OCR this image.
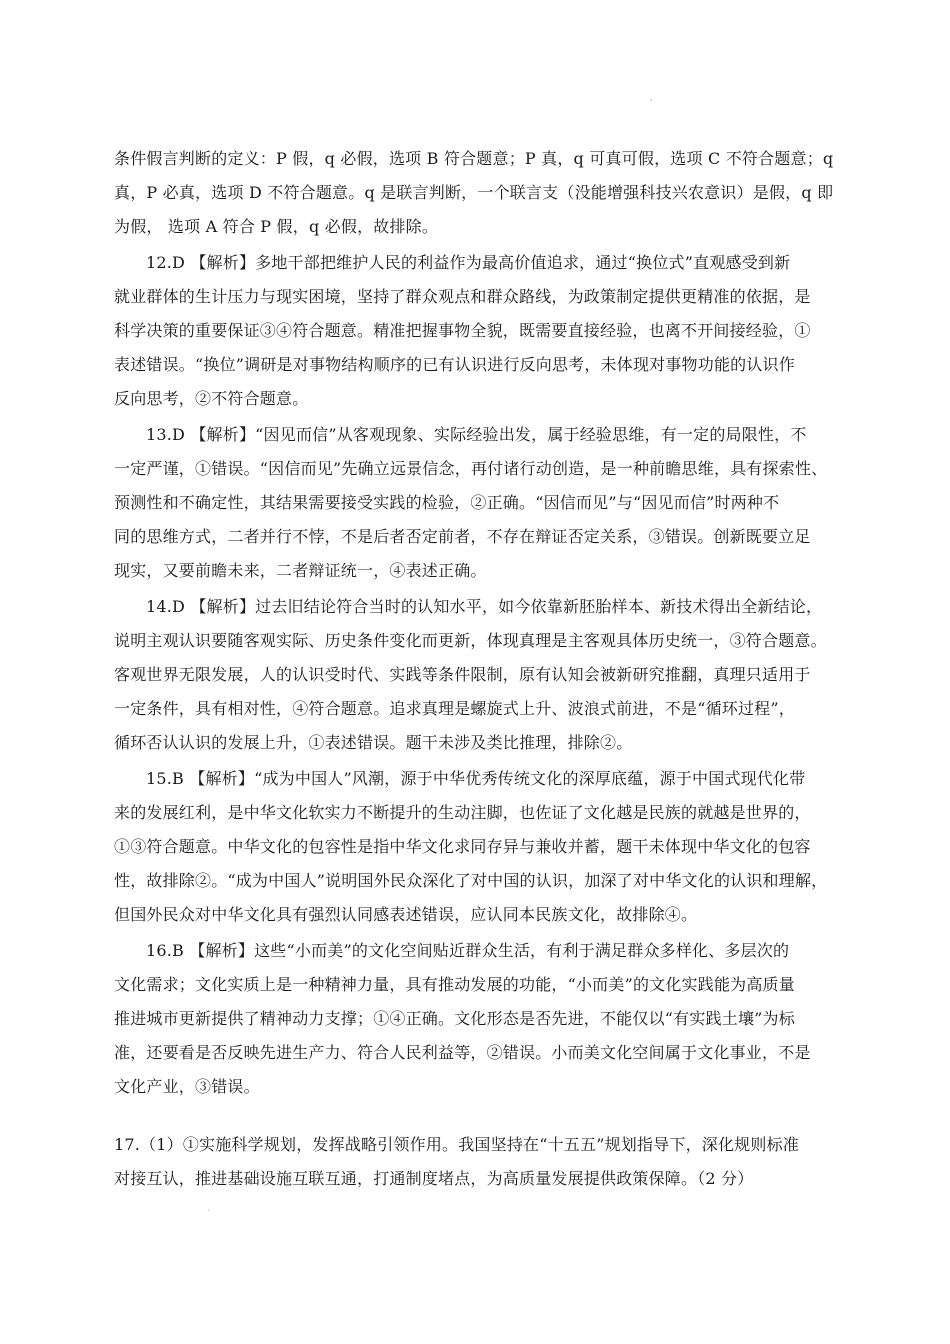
'
·
条件假言判断的定义：P 假，q 必假，选项 B 符合题意；P 真，q 可真可假，选项 C 不符合题意；q
真，P 必真，选项 D 不符合题意。q 是联言判断，一个联言支（没能增强科技兴农意识）是假，q 即
为假， 选项 A 符合 P 假，q 必假，故排除。
12.D 【解析】多地干部把维护人民的利益作为最高价值追求，通过“换位式”直观感受到新
就业群体的生计压力与现实困境，坚持了群众观点和群众路线，为政策制定提供更精准的依据，是
科学决策的重要保证③④符合题意。精准把握事物全貌，既需要直接经验，也离不开间接经验，①
表述错误。“换位”调研是对事物结构顺序的已有认识进行反向思考，未体现对事物功能的认识作
反向思考，②不符合题意。
13.D 【解析】“因见而信”从客观现象、实际经验出发，属于经验思维，有一定的局限性，不
一定严谨，①错误。“因信而见”先确立远景信念，再付诸行动创造，是一种前瞻思维，具有探索性、
预测性和不确定性，其结果需要接受实践的检验，②正确。“因信而见”与“因见而信”时两种不
同的思维方式，二者并行不悖，不是后者否定前者，不存在辩证否定关系，③错误。创新既要立足
现实，又要前瞻未来，二者辩证统一，④表述正确。
14.D 【解析】过去旧结论符合当时的认知水平，如今依靠新胚胎样本、新技术得出全新结论，
说明主观认识要随客观实际、历史条件变化而更新，体现真理是主客观具体历史统一，③符合题意。
客观世界无限发展，人的认识受时代、实践等条件限制，原有认知会被新研究推翻，真理只适用于
一定条件，具有相对性，④符合题意。追求真理是螺旋式上升、波浪式前进，不是“循环过程”，
循环否认认识的发展上升，①表述错误。题干未涉及类比推理，排除②。
15.B 【解析】“成为中国人”风潮，源于中华优秀传统文化的深厚底蕴，源于中国式现代化带
来的发展红利，是中华文化软实力不断提升的生动注脚，也佐证了文化越是民族的就越是世界的，
①③符合题意。中华文化的包容性是指中华文化求同存异与兼收并蓄，题干未体现中华文化的包容
性，故排除②。“成为中国人”说明国外民众深化了对中国的认识，加深了对中华文化的认识和理解，
但国外民众对中华文化具有强烈认同感表述错误，应认同本民族文化，故排除④。
16.B 【解析】这些“小而美”的文化空间贴近群众生活，有利于满足群众多样化、多层次的
文化需求；文化实质上是一种精神力量，具有推动发展的功能，“小而美”的文化实践能为高质量
推进城市更新提供了精神动力支撑；①④正确。文化形态是否先进，不能仅以“有实践土壤”为标
准，还要看是否反映先进生产力、符合人民利益等，②错误。小而美文化空间属于文化事业，不是
文化产业，③错误。
17.（1）①实施科学规划，发挥战略引领作用。我国坚持在“十五五”规划指导下，深化规则标准
对接互认，推进基础设施互联互通，打通制度堵点，为高质量发展提供政策保障。（2 分）
